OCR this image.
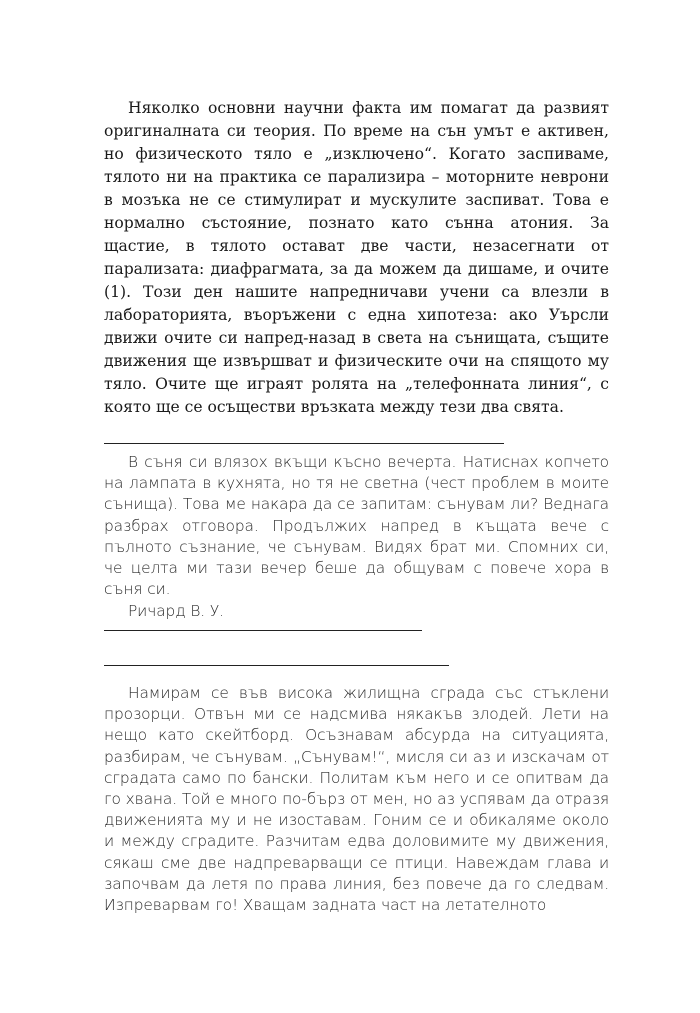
Няколко основни научни факта им помагат да развият оригиналната си теория. По време на сън умът е активен, но физическото тяло е „изключено“. Когато заспиваме, тялото ни на практика се парализира – моторните неврони в мозъка не се стимулират и мускулите заспиват. Това е нормално състояние, познато като сънна атония. За щастие, в тялото остават две части, незасегнати от парализата: диафрагмата, за да можем да дишаме, и очите (1). Този ден нашите напредничави учени са влезли в лабораторията, въоръжени с една хипотеза: ако Уърсли движи очите си напред-назад в света на сънищата, същите движения ще извършват и физическите очи на спящото му тяло. Очите ще играят ролята на „телефонната линия“, с която ще се осъществи връзката между тези два свята.

В съня си влязох вкъщи късно вечерта. Натиснах копчето на лампата в кухнята, но тя не светна (чест проблем в моите сънища). Това ме накара да се запитам: сънувам ли? Веднага разбрах отговора. Продължих напред в къщата вече с пълното съзнание, че сънувам. Видях брат ми. Спомних си, че целта ми тази вечер беше да общувам с повече хора в съня си.

Ричард В. У.

Намирам се във висока жилищна сграда със стъклени прозорци. Отвън ми се надсмива някакъв злодей. Лети на нещо като скейтборд. Осъзнавам абсурда на ситуацията, разбирам, че сънувам. „Сънувам!“, мисля си аз и изскачам от сградата само по бански. Политам към него и се опитвам да го хвана. Той е много по-бърз от мен, но аз успявам да отразя движенията му и не изоставам. Гоним се и обикаляме около и между сградите. Разчитам едва доловимите му движения, сякаш сме две надпреварващи се птици. Навеждам глава и започвам да летя по права линия, без повече да го следвам. Изпреварвам го! Хващам задната част на летателното
